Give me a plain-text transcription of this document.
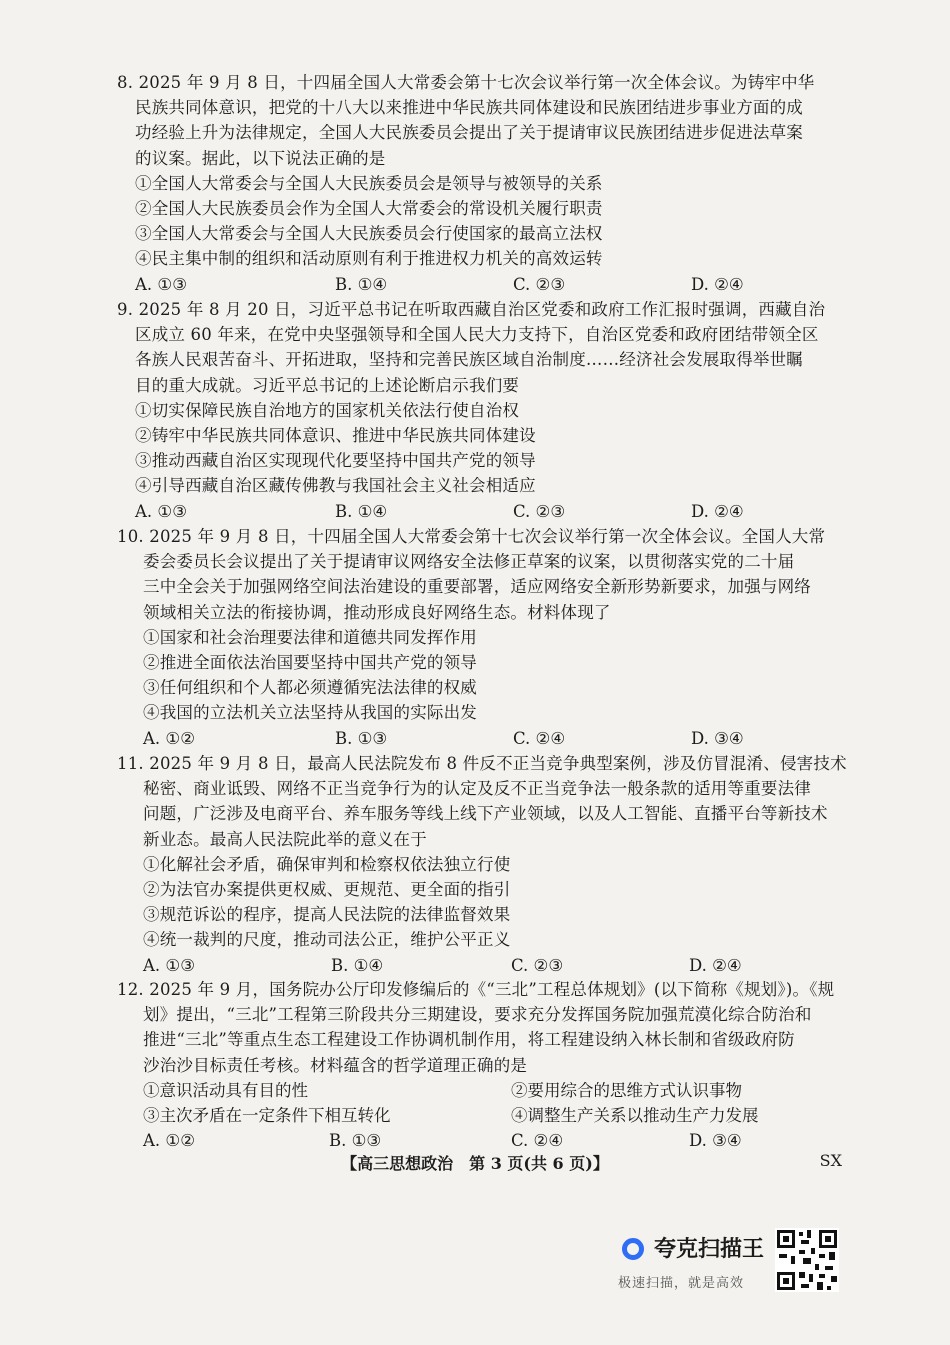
8. 2025 年 9 月 8 日，十四届全国人大常委会第十七次会议举行第一次全体会议。为铸牢中华
民族共同体意识，把党的十八大以来推进中华民族共同体建设和民族团结进步事业方面的成
功经验上升为法律规定，全国人大民族委员会提出了关于提请审议民族团结进步促进法草案
的议案。据此，以下说法正确的是
①全国人大常委会与全国人大民族委员会是领导与被领导的关系
②全国人大民族委员会作为全国人大常委会的常设机关履行职责
③全国人大常委会与全国人大民族委员会行使国家的最高立法权
④民主集中制的组织和活动原则有利于推进权力机关的高效运转
A. ①③	B. ①④	C. ②③	D. ②④
9. 2025 年 8 月 20 日，习近平总书记在听取西藏自治区党委和政府工作汇报时强调，西藏自治
区成立 60 年来，在党中央坚强领导和全国人民大力支持下，自治区党委和政府团结带领全区
各族人民艰苦奋斗、开拓进取，坚持和完善民族区域自治制度……经济社会发展取得举世瞩
目的重大成就。习近平总书记的上述论断启示我们要
①切实保障民族自治地方的国家机关依法行使自治权
②铸牢中华民族共同体意识、推进中华民族共同体建设
③推动西藏自治区实现现代化要坚持中国共产党的领导
④引导西藏自治区藏传佛教与我国社会主义社会相适应
A. ①③	B. ①④	C. ②③	D. ②④
10. 2025 年 9 月 8 日，十四届全国人大常委会第十七次会议举行第一次全体会议。全国人大常
委会委员长会议提出了关于提请审议网络安全法修正草案的议案，以贯彻落实党的二十届
三中全会关于加强网络空间法治建设的重要部署，适应网络安全新形势新要求，加强与网络
领域相关立法的衔接协调，推动形成良好网络生态。材料体现了
①国家和社会治理要法律和道德共同发挥作用
②推进全面依法治国要坚持中国共产党的领导
③任何组织和个人都必须遵循宪法法律的权威
④我国的立法机关立法坚持从我国的实际出发
A. ①②	B. ①③	C. ②④	D. ③④
11. 2025 年 9 月 8 日，最高人民法院发布 8 件反不正当竞争典型案例，涉及仿冒混淆、侵害技术
秘密、商业诋毁、网络不正当竞争行为的认定及反不正当竞争法一般条款的适用等重要法律
问题，广泛涉及电商平台、养车服务等线上线下产业领域，以及人工智能、直播平台等新技术
新业态。最高人民法院此举的意义在于
①化解社会矛盾，确保审判和检察权依法独立行使
②为法官办案提供更权威、更规范、更全面的指引
③规范诉讼的程序，提高人民法院的法律监督效果
④统一裁判的尺度，推动司法公正，维护公平正义
A. ①③	B. ①④	C. ②③	D. ②④
12. 2025 年 9 月，国务院办公厅印发修编后的《“三北”工程总体规划》(以下简称《规划》)。《规
划》提出，“三北”工程第三阶段共分三期建设，要求充分发挥国务院加强荒漠化综合防治和
推进“三北”等重点生态工程建设工作协调机制作用，将工程建设纳入林长制和省级政府防
沙治沙目标责任考核。材料蕴含的哲学道理正确的是
①意识活动具有目的性	②要用综合的思维方式认识事物
③主次矛盾在一定条件下相互转化	④调整生产关系以推动生产力发展
A. ①②	B. ①③	C. ②④	D. ③④
【高三思想政治　第 3 页(共 6 页)】	SX
夸克扫描王
极速扫描，就是高效
